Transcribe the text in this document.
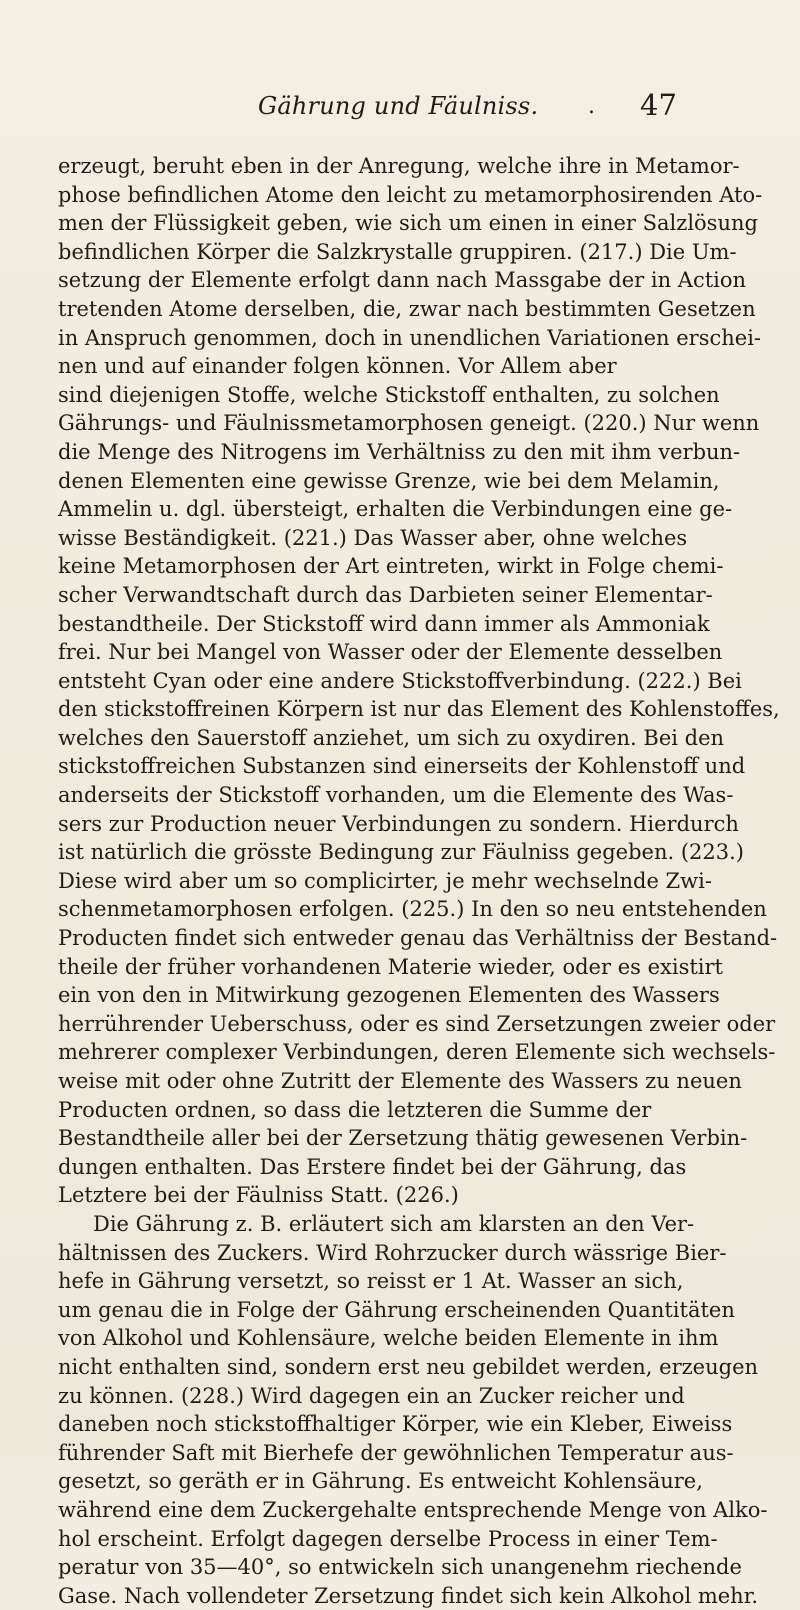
Gährung und Fäulniss. . 47
erzeugt, beruht eben in der Anregung, welche ihre in Metamor-
phose befindlichen Atome den leicht zu metamorphosirenden Ato-
men der Flüssigkeit geben, wie sich um einen in einer Salzlösung
befindlichen Körper die Salzkrystalle gruppiren. (217.) Die Um-
setzung der Elemente erfolgt dann nach Massgabe der in Action
tretenden Atome derselben, die, zwar nach bestimmten Gesetzen
in Anspruch genommen, doch in unendlichen Variationen erschei-
nen und auf einander folgen können. Vor Allem aber
sind diejenigen Stoffe, welche Stickstoff enthalten, zu solchen
Gährungs- und Fäulnissmetamorphosen geneigt. (220.) Nur wenn
die Menge des Nitrogens im Verhältniss zu den mit ihm verbun-
denen Elementen eine gewisse Grenze, wie bei dem Melamin,
Ammelin u. dgl. übersteigt, erhalten die Verbindungen eine ge-
wisse Beständigkeit. (221.) Das Wasser aber, ohne welches
keine Metamorphosen der Art eintreten, wirkt in Folge chemi-
scher Verwandtschaft durch das Darbieten seiner Elementar-
bestandtheile. Der Stickstoff wird dann immer als Ammoniak
frei. Nur bei Mangel von Wasser oder der Elemente desselben
entsteht Cyan oder eine andere Stickstoffverbindung. (222.) Bei
den stickstoffreinen Körpern ist nur das Element des Kohlenstoffes,
welches den Sauerstoff anziehet, um sich zu oxydiren. Bei den
stickstoffreichen Substanzen sind einerseits der Kohlenstoff und
anderseits der Stickstoff vorhanden, um die Elemente des Was-
sers zur Production neuer Verbindungen zu sondern. Hierdurch
ist natürlich die grösste Bedingung zur Fäulniss gegeben. (223.)
Diese wird aber um so complicirter, je mehr wechselnde Zwi-
schenmetamorphosen erfolgen. (225.) In den so neu entstehenden
Producten findet sich entweder genau das Verhältniss der Bestand-
theile der früher vorhandenen Materie wieder, oder es existirt
ein von den in Mitwirkung gezogenen Elementen des Wassers
herrührender Ueberschuss, oder es sind Zersetzungen zweier oder
mehrerer complexer Verbindungen, deren Elemente sich wechsels-
weise mit oder ohne Zutritt der Elemente des Wassers zu neuen
Producten ordnen, so dass die letzteren die Summe der
Bestandtheile aller bei der Zersetzung thätig gewesenen Verbin-
dungen enthalten. Das Erstere findet bei der Gährung, das
Letztere bei der Fäulniss Statt. (226.)
Die Gährung z. B. erläutert sich am klarsten an den Ver-
hältnissen des Zuckers. Wird Rohrzucker durch wässrige Bier-
hefe in Gährung versetzt, so reisst er 1 At. Wasser an sich,
um genau die in Folge der Gährung erscheinenden Quantitäten
von Alkohol und Kohlensäure, welche beiden Elemente in ihm
nicht enthalten sind, sondern erst neu gebildet werden, erzeugen
zu können. (228.) Wird dagegen ein an Zucker reicher und
daneben noch stickstoffhaltiger Körper, wie ein Kleber, Eiweiss
führender Saft mit Bierhefe der gewöhnlichen Temperatur aus-
gesetzt, so geräth er in Gährung. Es entweicht Kohlensäure,
während eine dem Zuckergehalte entsprechende Menge von Alko-
hol erscheint. Erfolgt dagegen derselbe Process in einer Tem-
peratur von 35—40°, so entwickeln sich unangenehm riechende
Gase. Nach vollendeter Zersetzung findet sich kein Alkohol mehr.
